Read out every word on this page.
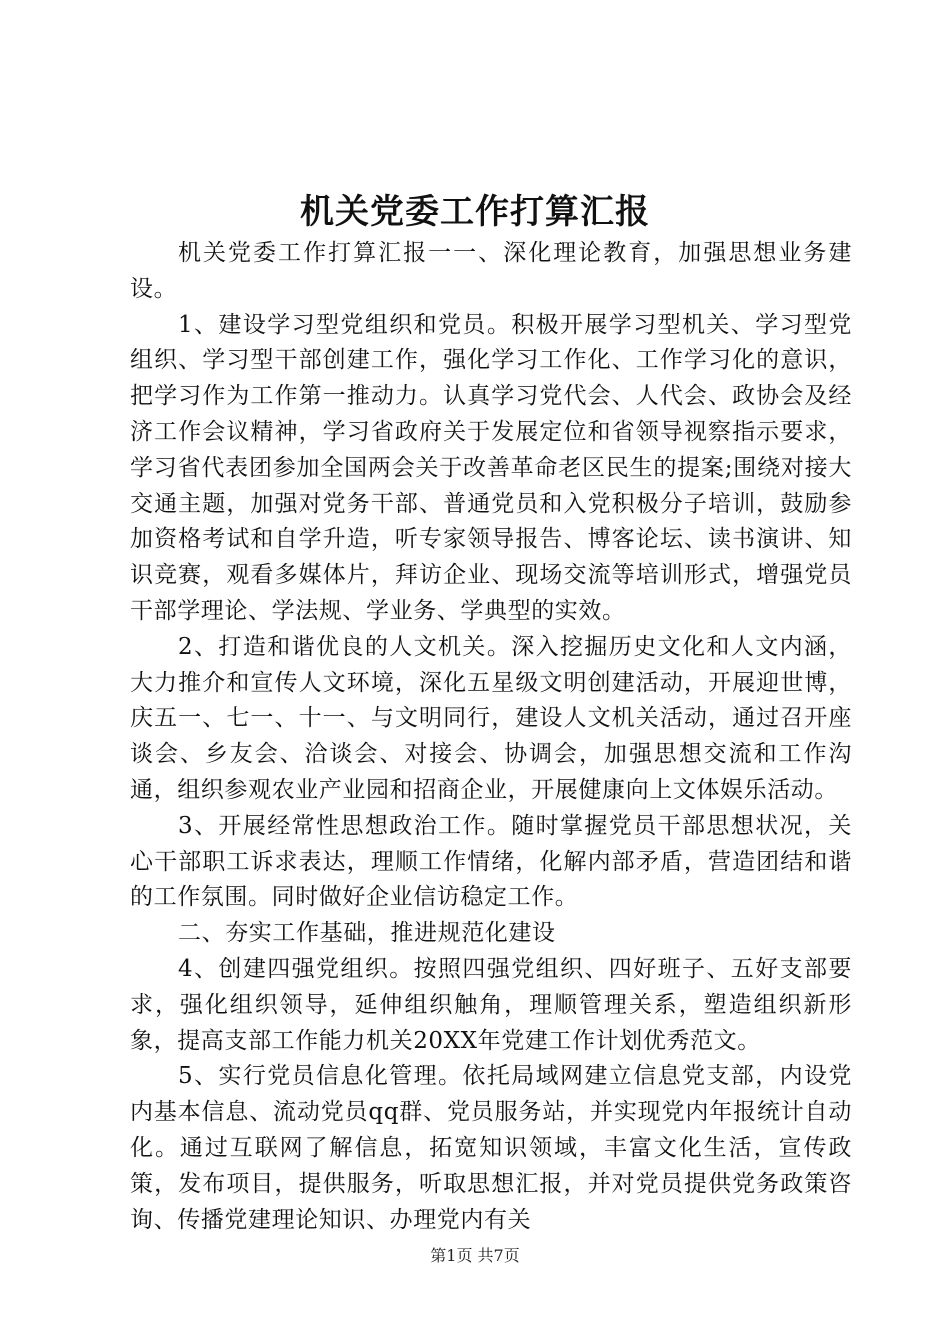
机关党委工作打算汇报

机关党委工作打算汇报一一、深化理论教育，加强思想业务建设。

1、建设学习型党组织和党员。积极开展学习型机关、学习型党组织、学习型干部创建工作，强化学习工作化、工作学习化的意识，把学习作为工作第一推动力。认真学习党代会、人代会、政协会及经济工作会议精神，学习省政府关于发展定位和省领导视察指示要求，学习省代表团参加全国两会关于改善革命老区民生的提案;围绕对接大交通主题，加强对党务干部、普通党员和入党积极分子培训，鼓励参加资格考试和自学升造，听专家领导报告、博客论坛、读书演讲、知识竞赛，观看多媒体片，拜访企业、现场交流等培训形式，增强党员干部学理论、学法规、学业务、学典型的实效。

2、打造和谐优良的人文机关。深入挖掘历史文化和人文内涵，大力推介和宣传人文环境，深化五星级文明创建活动，开展迎世博，庆五一、七一、十一、与文明同行，建设人文机关活动，通过召开座谈会、乡友会、洽谈会、对接会、协调会，加强思想交流和工作沟通，组织参观农业产业园和招商企业，开展健康向上文体娱乐活动。

3、开展经常性思想政治工作。随时掌握党员干部思想状况，关心干部职工诉求表达，理顺工作情绪，化解内部矛盾，营造团结和谐的工作氛围。同时做好企业信访稳定工作。

二、夯实工作基础，推进规范化建设

4、创建四强党组织。按照四强党组织、四好班子、五好支部要求，强化组织领导，延伸组织触角，理顺管理关系，塑造组织新形象，提高支部工作能力机关20XX年党建工作计划优秀范文。

5、实行党员信息化管理。依托局域网建立信息党支部，内设党内基本信息、流动党员qq群、党员服务站，并实现党内年报统计自动化。通过互联网了解信息，拓宽知识领域，丰富文化生活，宣传政策，发布项目，提供服务，听取思想汇报，并对党员提供党务政策咨询、传播党建理论知识、办理党内有关

第1页 共7页
